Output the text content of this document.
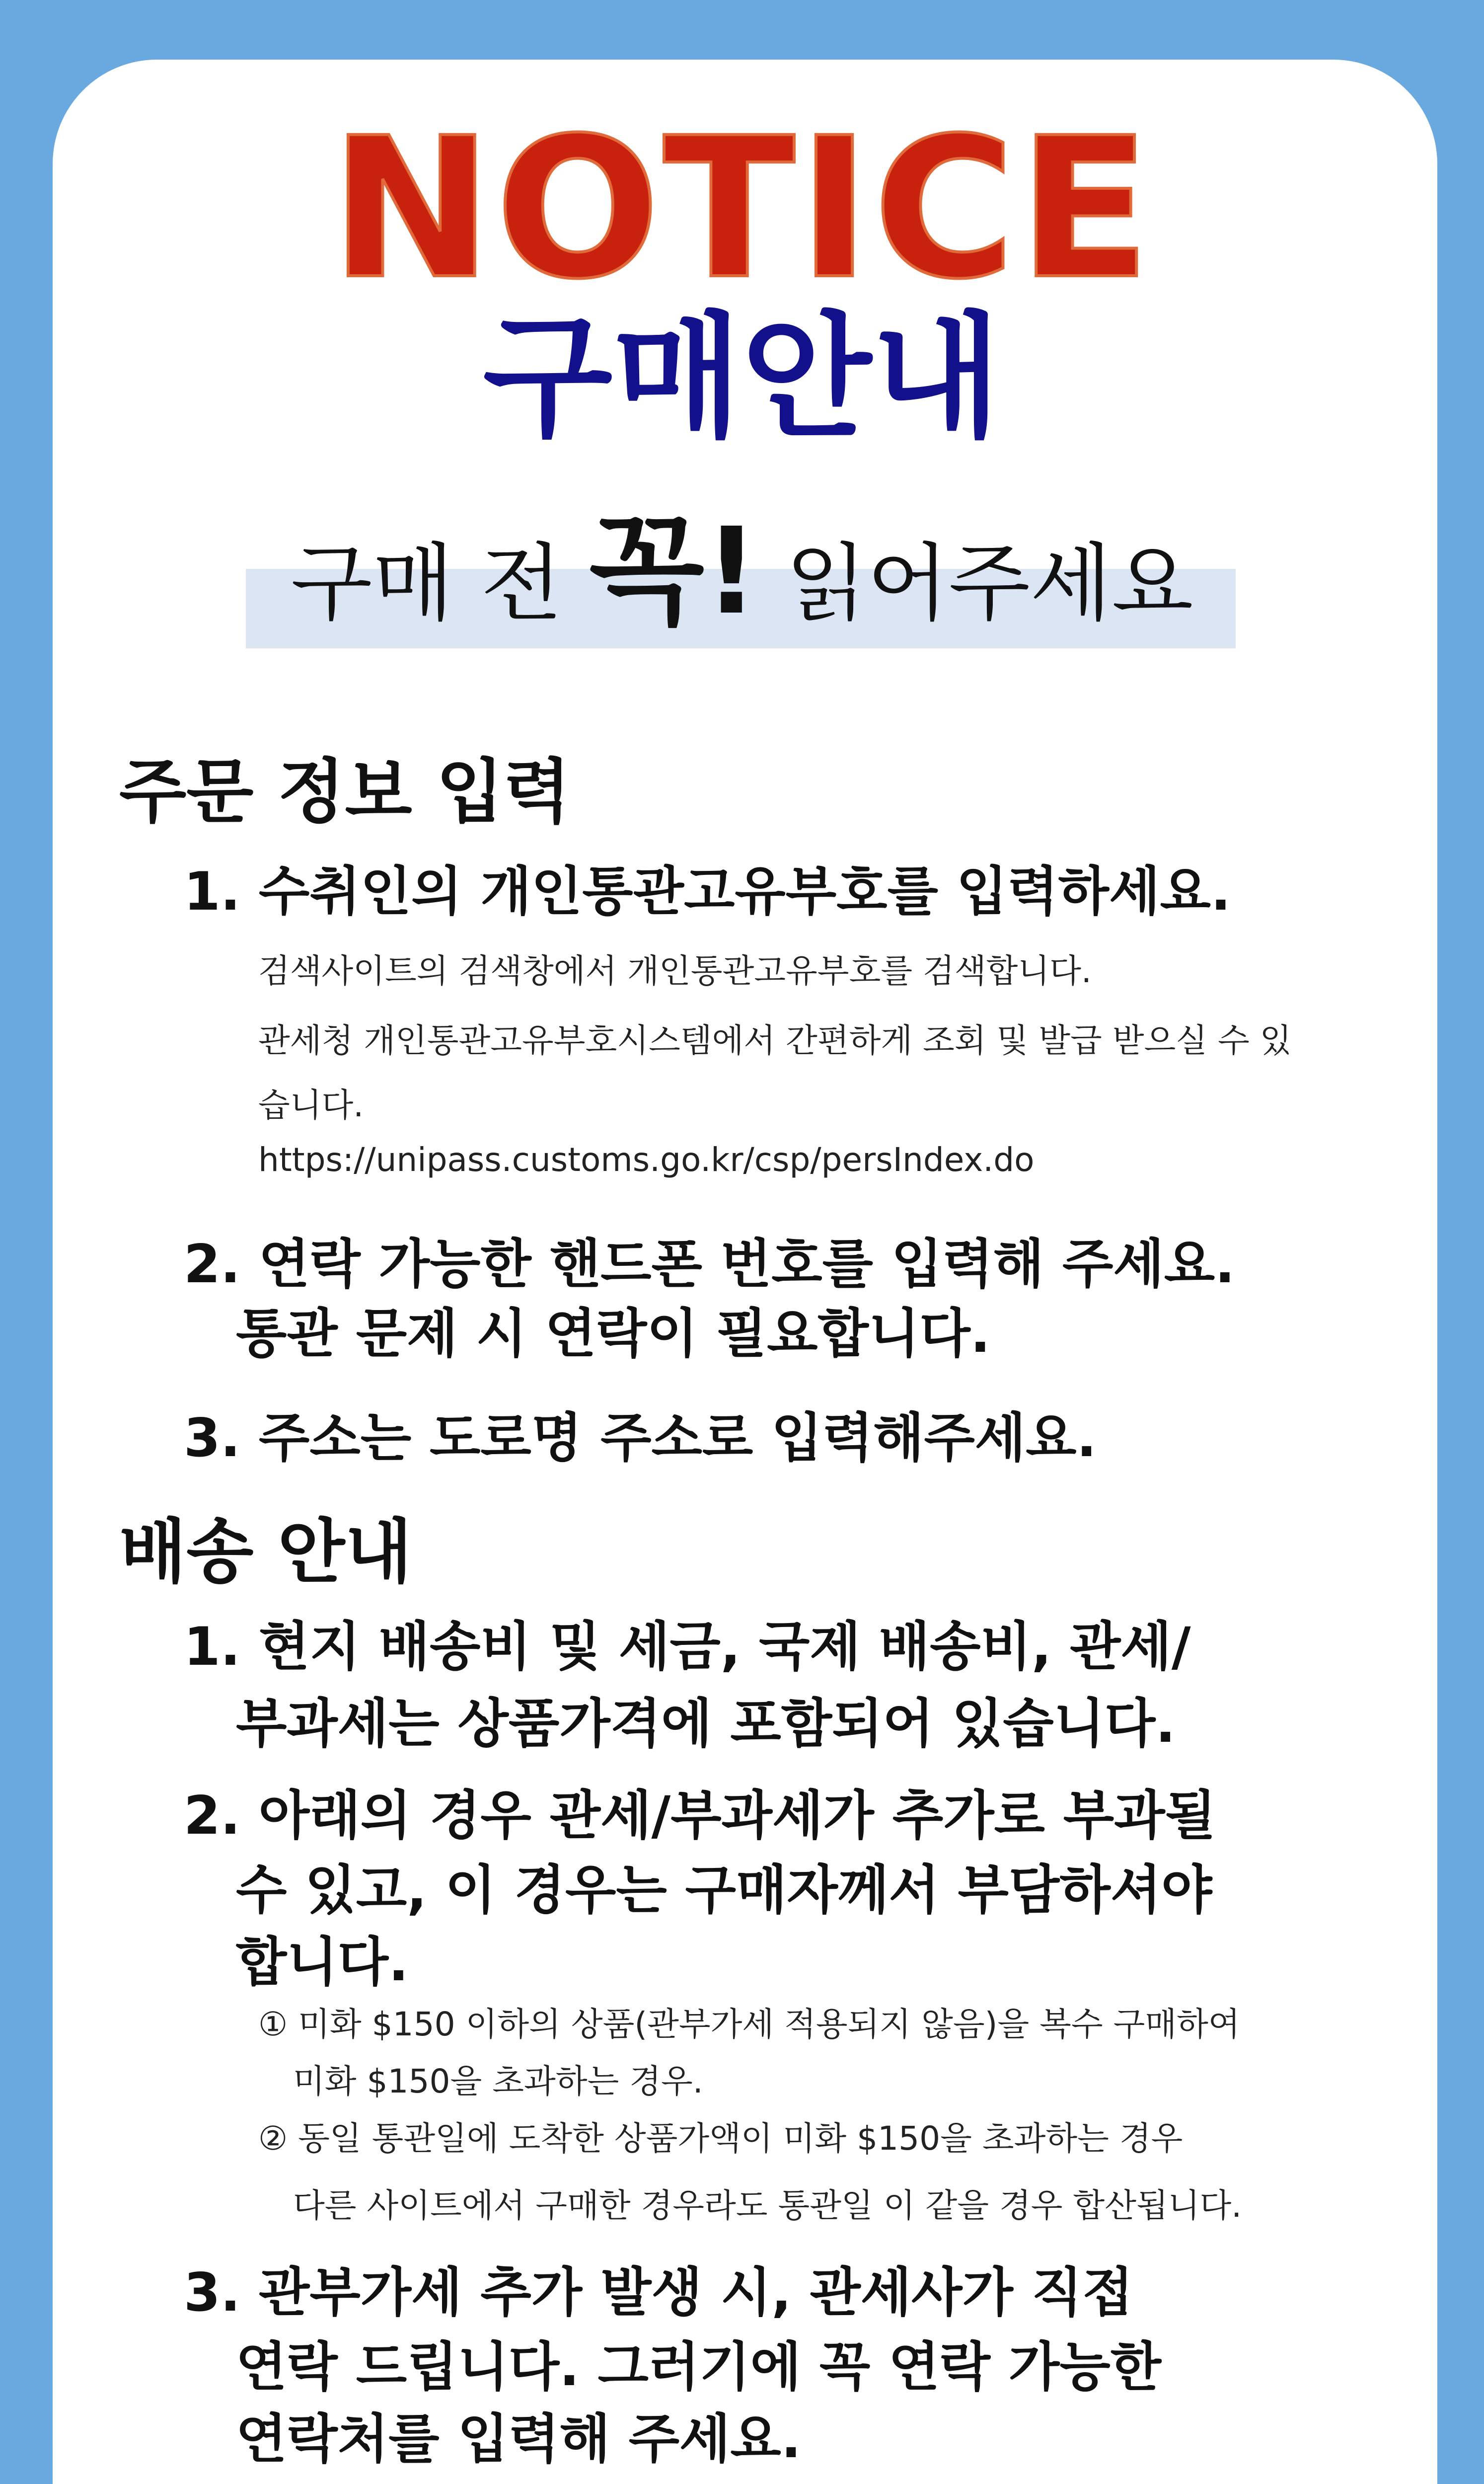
NOTICE
구매안내
구매 전 꼭! 읽어주세요
주문 정보 입력
1. 수취인의 개인통관고유부호를 입력하세요.
검색사이트의 검색창에서 개인통관고유부호를 검색합니다.
관세청 개인통관고유부호시스템에서 간편하게 조회 및 발급 받으실 수 있
습니다.
https://unipass.customs.go.kr/csp/persIndex.do
2. 연락 가능한 핸드폰 번호를 입력해 주세요.
통관 문제 시 연락이 필요합니다.
3. 주소는 도로명 주소로 입력해주세요.
배송 안내
1. 현지 배송비 및 세금, 국제 배송비, 관세/
부과세는 상품가격에 포함되어 있습니다.
2. 아래의 경우 관세/부과세가 추가로 부과될
수 있고, 이 경우는 구매자께서 부담하셔야
합니다.
① 미화 $150 이하의 상품(관부가세 적용되지 않음)을 복수 구매하여
미화 $150을 초과하는 경우.
② 동일 통관일에 도착한 상품가액이 미화 $150을 초과하는 경우
다른 사이트에서 구매한 경우라도 통관일 이 같을 경우 합산됩니다.
3. 관부가세 추가 발생 시, 관세사가 직접
연락 드립니다. 그러기에 꼭 연락 가능한
연락처를 입력해 주세요.
